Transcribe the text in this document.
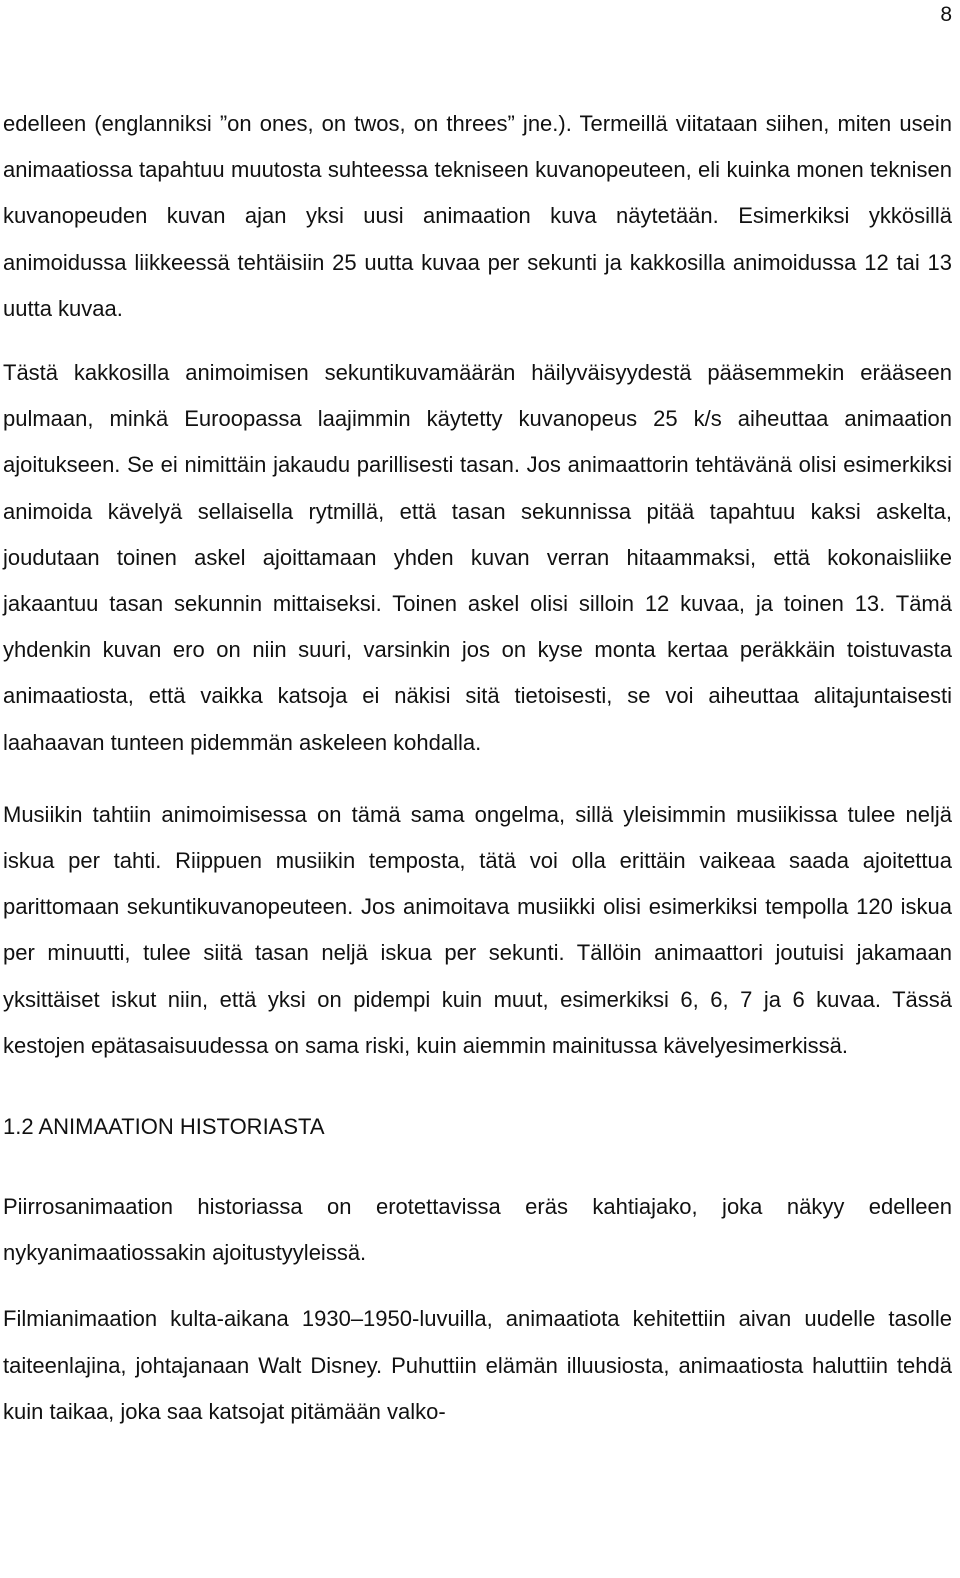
8

edelleen (englanniksi ”on ones, on twos, on threes” jne.). Termeillä viitataan siihen, miten usein animaatiossa tapahtuu muutosta suhteessa tekniseen kuvanopeuteen, eli kuinka monen teknisen kuvanopeuden kuvan ajan yksi uusi animaation kuva näytetään. Esimerkiksi ykkösillä animoidussa liikkeessä tehtäisiin 25 uutta kuvaa per sekunti ja kakkosilla animoidussa 12 tai 13 uutta kuvaa.

Tästä kakkosilla animoimisen sekuntikuvamäärän häilyväisyydestä pääsemmekin erääseen pulmaan, minkä Euroopassa laajimmin käytetty kuvanopeus 25 k/s aiheuttaa animaation ajoitukseen. Se ei nimittäin jakaudu parillisesti tasan. Jos animaattorin tehtävänä olisi esimerkiksi animoida kävelyä sellaisella rytmillä, että tasan sekunnissa pitää tapahtuu kaksi askelta, joudutaan toinen askel ajoittamaan yhden kuvan verran hitaammaksi, että kokonaisliike jakaantuu tasan sekunnin mittaiseksi. Toinen askel olisi silloin 12 kuvaa, ja toinen 13. Tämä yhdenkin kuvan ero on niin suuri, varsinkin jos on kyse monta kertaa peräkkäin toistuvasta animaatiosta, että vaikka katsoja ei näkisi sitä tietoisesti, se voi aiheuttaa alitajuntaisesti laahaavan tunteen pidemmän askeleen kohdalla.

Musiikin tahtiin animoimisessa on tämä sama ongelma, sillä yleisimmin musiikissa tulee neljä iskua per tahti. Riippuen musiikin temposta, tätä voi olla erittäin vaikeaa saada ajoitettua parittomaan sekuntikuvanopeuteen. Jos animoitava musiikki olisi esimerkiksi tempolla 120 iskua per minuutti, tulee siitä tasan neljä iskua per sekunti. Tällöin animaattori joutuisi jakamaan yksittäiset iskut niin, että yksi on pidempi kuin muut, esimerkiksi 6, 6, 7 ja 6 kuvaa. Tässä kestojen epätasaisuudessa on sama riski, kuin aiemmin mainitussa kävelyesimerkissä.

1.2 ANIMAATION HISTORIASTA

Piirrosanimaation historiassa on erotettavissa eräs kahtiajako, joka näkyy edelleen nykyanimaatiossakin ajoitustyyleissä.

Filmianimaation kulta-aikana 1930–1950-luvuilla, animaatiota kehitettiin aivan uudelle tasolle taiteenlajina, johtajanaan Walt Disney. Puhuttiin elämän illuusiosta, animaatiosta haluttiin tehdä kuin taikaa, joka saa katsojat pitämään valko-
